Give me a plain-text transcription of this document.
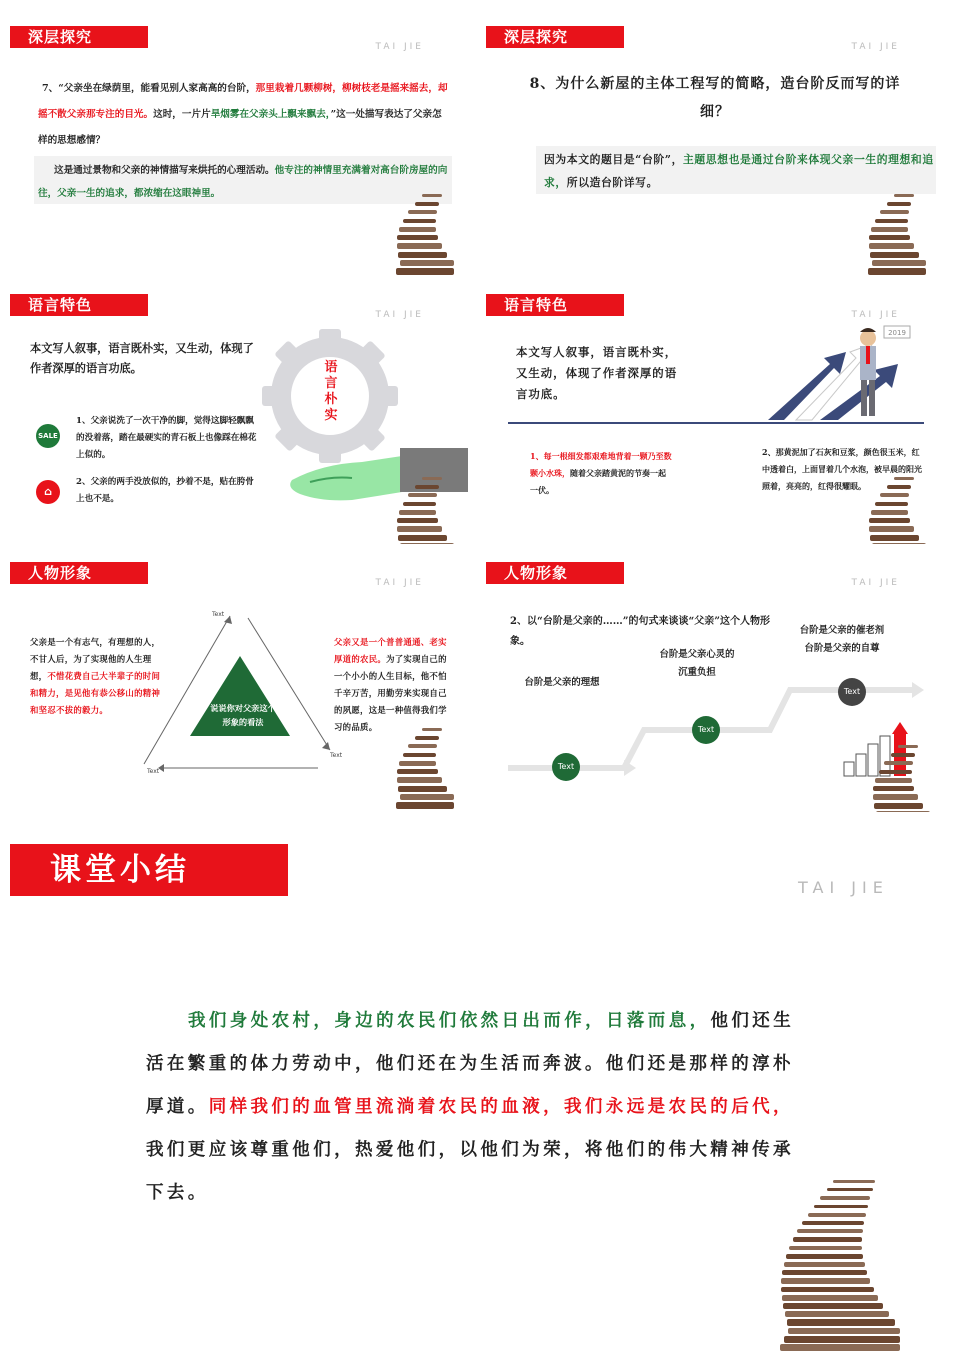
深层探究
TAI JIE
7、“父亲坐在绿荫里，能看见别人家高高的台阶，那里栽着几颗柳树，柳树枝老是摇来摇去，却摇不散父亲那专注的目光。这时，一片片旱烟雾在父亲头上飘来飘去，”这一处描写表达了父亲怎样的思想感情？
这是通过景物和父亲的神情描写来烘托的心理活动。他专注的神情里充满着对高台阶房屋的向往，父亲一生的追求，都浓缩在这眼神里。
深层探究
TAI JIE
8、为什么新屋的主体工程写的简略，造台阶反而写的详细？
因为本文的题目是“台阶”，主题思想也是通过台阶来体现父亲一生的理想和追求，所以造台阶详写。
语言特色
TAI JIE
本文写人叙事，语言既朴实，又生动，体现了作者深厚的语言功底。
SALE
1、父亲说洗了一次干净的脚，觉得这脚轻飘飘的没着落，踏在最硬实的青石板上也像踩在棉花上似的。
⌂
2、父亲的两手没放似的，抄着不是，贴在胯骨上也不是。
语言朴实
语言特色
TAI JIE
本文写人叙事，语言既朴实，又生动，体现了作者深厚的语言功底。
2019
1、每一根细发都艰难地背着一颗乃至数颗小水珠，随着父亲踏黄泥的节奏一起一伏。
2、那黄泥加了石灰和豆浆，颜色很玉米，红中透着白，上面冒着几个水泡，被早晨的阳光照着，亮亮的，红得很耀眼。
人物形象
TAI JIE
父亲是一个有志气，有理想的人，不甘人后，为了实现他的人生理想，不惜花费自己大半辈子的时间和精力，是见他有恭公移山的精神和坚忍不拔的毅力。	说说你对父亲这个形象的看法
Text
Text
Text
父亲又是一个普普通通、老实厚道的农民。为了实现自己的一个小小的人生目标，他不怕千辛万苦，用勤劳来实现自己的夙愿，这是一种值得我们学习的品质。
人物形象
TAI JIE
2、以“台阶是父亲的……”的句式来谈谈“父亲”这个人物形象。
台阶是父亲的理想
Text
台阶是父亲心灵的沉重负担
Text
台阶是父亲的催老剂
台阶是父亲的自尊
Text
课堂小结	TAI JIE
我们身处农村，身边的农民们依然日出而作，日落而息，他们还生活在繁重的体力劳动中，他们还在为生活而奔波。他们还是那样的淳朴厚道。同样我们的血管里流淌着农民的血液，我们永远是农民的后代，我们更应该尊重他们，热爱他们，以他们为荣，将他们的伟大精神传承下去。
